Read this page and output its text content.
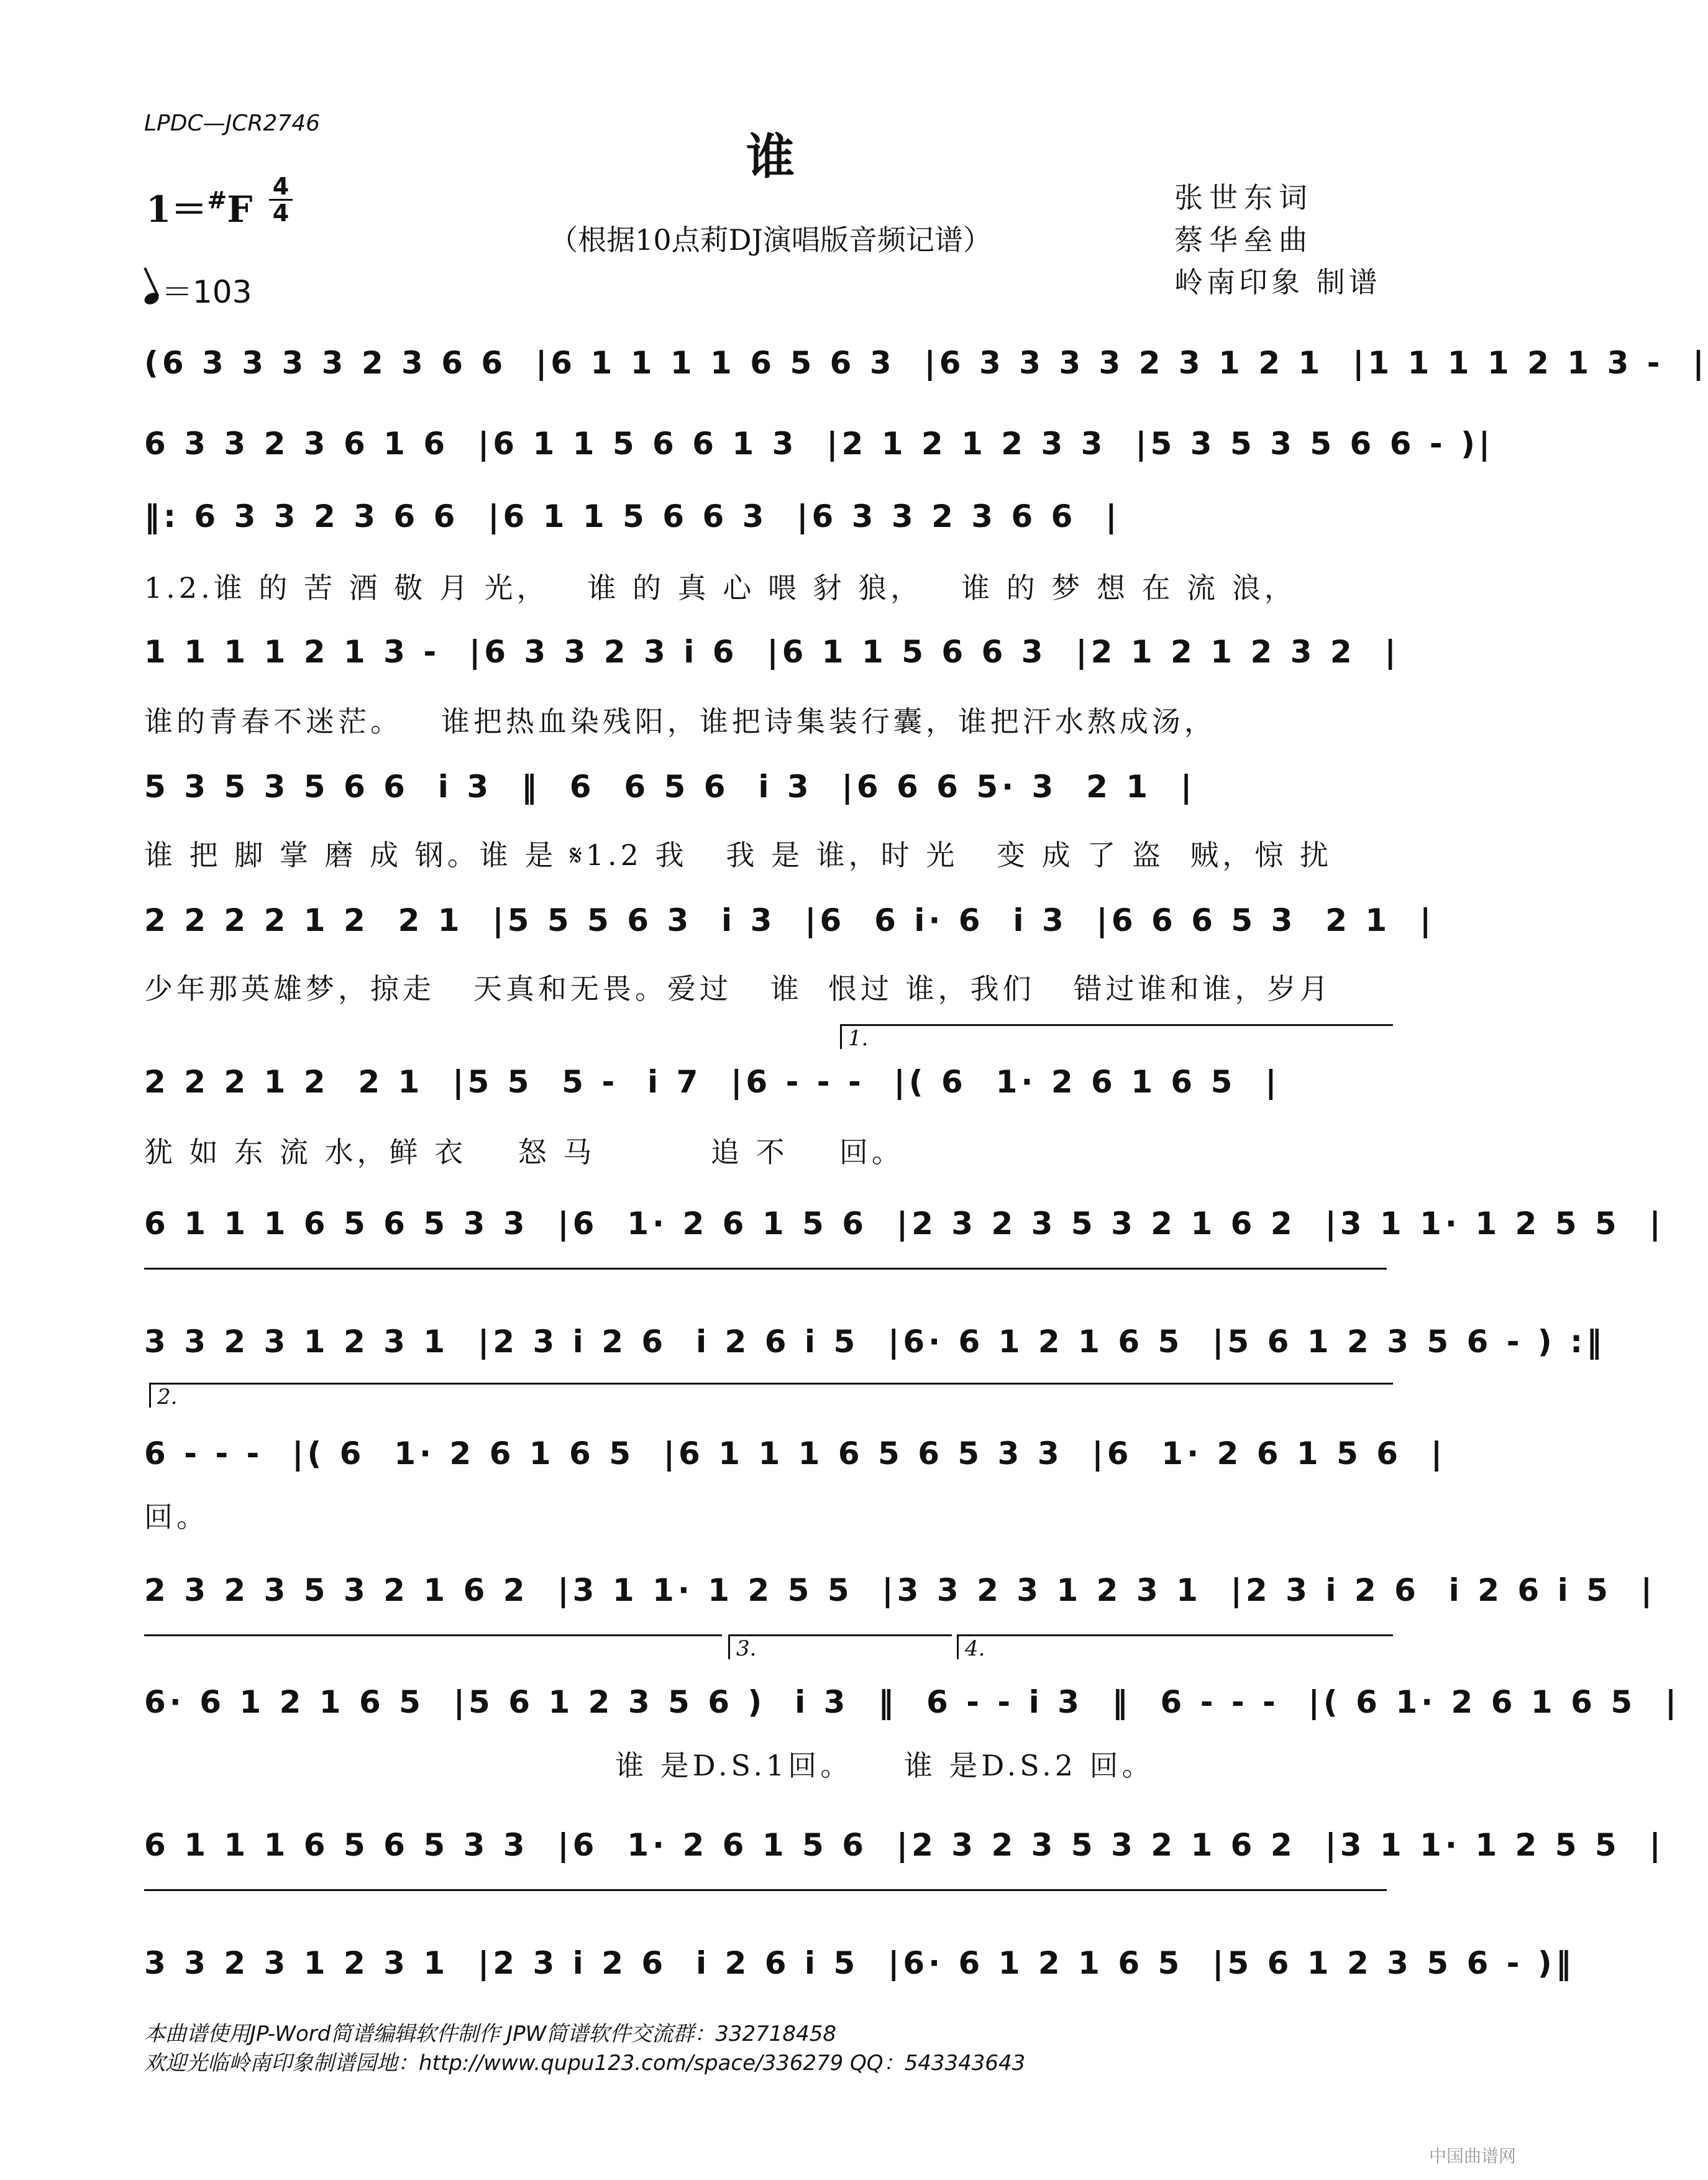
LPDC—JCR2746
谁
（根据10点莉DJ演唱版音频记谱）
1＝#F
4
4
＝103
张世东词
蔡华垒曲
岭南印象 制谱
(6 3 3 3 3 2 3 6 6  |6 1 1 1 1 6 5 6 3  |6 3 3 3 3 2 3 1 2 1  |1 1 1 1 2 1 3 -  |
6 3 3 2 3 6 1 6  |6 1 1 5 6 6 1 3  |2 1 2 1 2 3 3  |5 3 5 3 5 6 6 - )|
‖: 6 3 3 2 3 6 6  |6 1 1 5 6 6 3  |6 3 3 2 3 6 6  |
1.2.谁 的 苦 酒 敬 月 光，   谁 的 真 心 喂 豺 狼，   谁 的 梦 想 在 流 浪，
1 1 1 1 2 1 3 -  |6 3 3 2 3 i 6  |6 1 1 5 6 6 3  |2 1 2 1 2 3 2  |
谁的青春不迷茫。   谁把热血染残阳，谁把诗集装行囊，谁把汗水熬成汤，
5 3 5 3 5 6 6  i 3  ‖  6  6 5 6  i 3  |6 6 6 5· 3  2 1  |
谁 把 脚 掌 磨 成 钢。谁 是 𝄋1.2 我   我 是 谁，时 光   变 成 了 盗  贼，惊 扰
2 2 2 2 1 2  2 1  |5 5 5 6 3  i 3  |6  6 i· 6  i 3  |6 6 6 5 3  2 1  |
少年那英雄梦，掠走   天真和无畏。爱过   谁  恨过 谁，我们   错过谁和谁，岁月
1.
2 2 2 1 2  2 1  |5 5  5 -  i 7  |6 - - -  |( 6  1· 2 6 1 6 5  |
犹 如 东 流 水，鲜 衣    怒 马         追 不    回。
6 1 1 1 6 5 6 5 3 3  |6  1· 2 6 1 5 6  |2 3 2 3 5 3 2 1 6 2  |3 1 1· 1 2 5 5  |
3 3 2 3 1 2 3 1  |2 3 i 2 6  i 2 6 i 5  |6· 6 1 2 1 6 5  |5 6 1 2 3 5 6 - ) :‖
2.
6 - - -  |( 6  1· 2 6 1 6 5  |6 1 1 1 6 5 6 5 3 3  |6  1· 2 6 1 5 6  |
回。
2 3 2 3 5 3 2 1 6 2  |3 1 1· 1 2 5 5  |3 3 2 3 1 2 3 1  |2 3 i 2 6  i 2 6 i 5  |
3.	4.
6· 6 1 2 1 6 5  |5 6 1 2 3 5 6 )  i 3  ‖  6 - - i 3  ‖  6 - - -  |( 6 1· 2 6 1 6 5  |
谁 是D.S.1回。    谁 是D.S.2 回。
6 1 1 1 6 5 6 5 3 3  |6  1· 2 6 1 5 6  |2 3 2 3 5 3 2 1 6 2  |3 1 1· 1 2 5 5  |
3 3 2 3 1 2 3 1  |2 3 i 2 6  i 2 6 i 5  |6· 6 1 2 1 6 5  |5 6 1 2 3 5 6 - )‖
本曲谱使用JP-Word简谱编辑软件制作 JPW简谱软件交流群：332718458
欢迎光临岭南印象制谱园地：http://www.qupu123.com/space/336279 QQ：543343643
中国曲谱网
